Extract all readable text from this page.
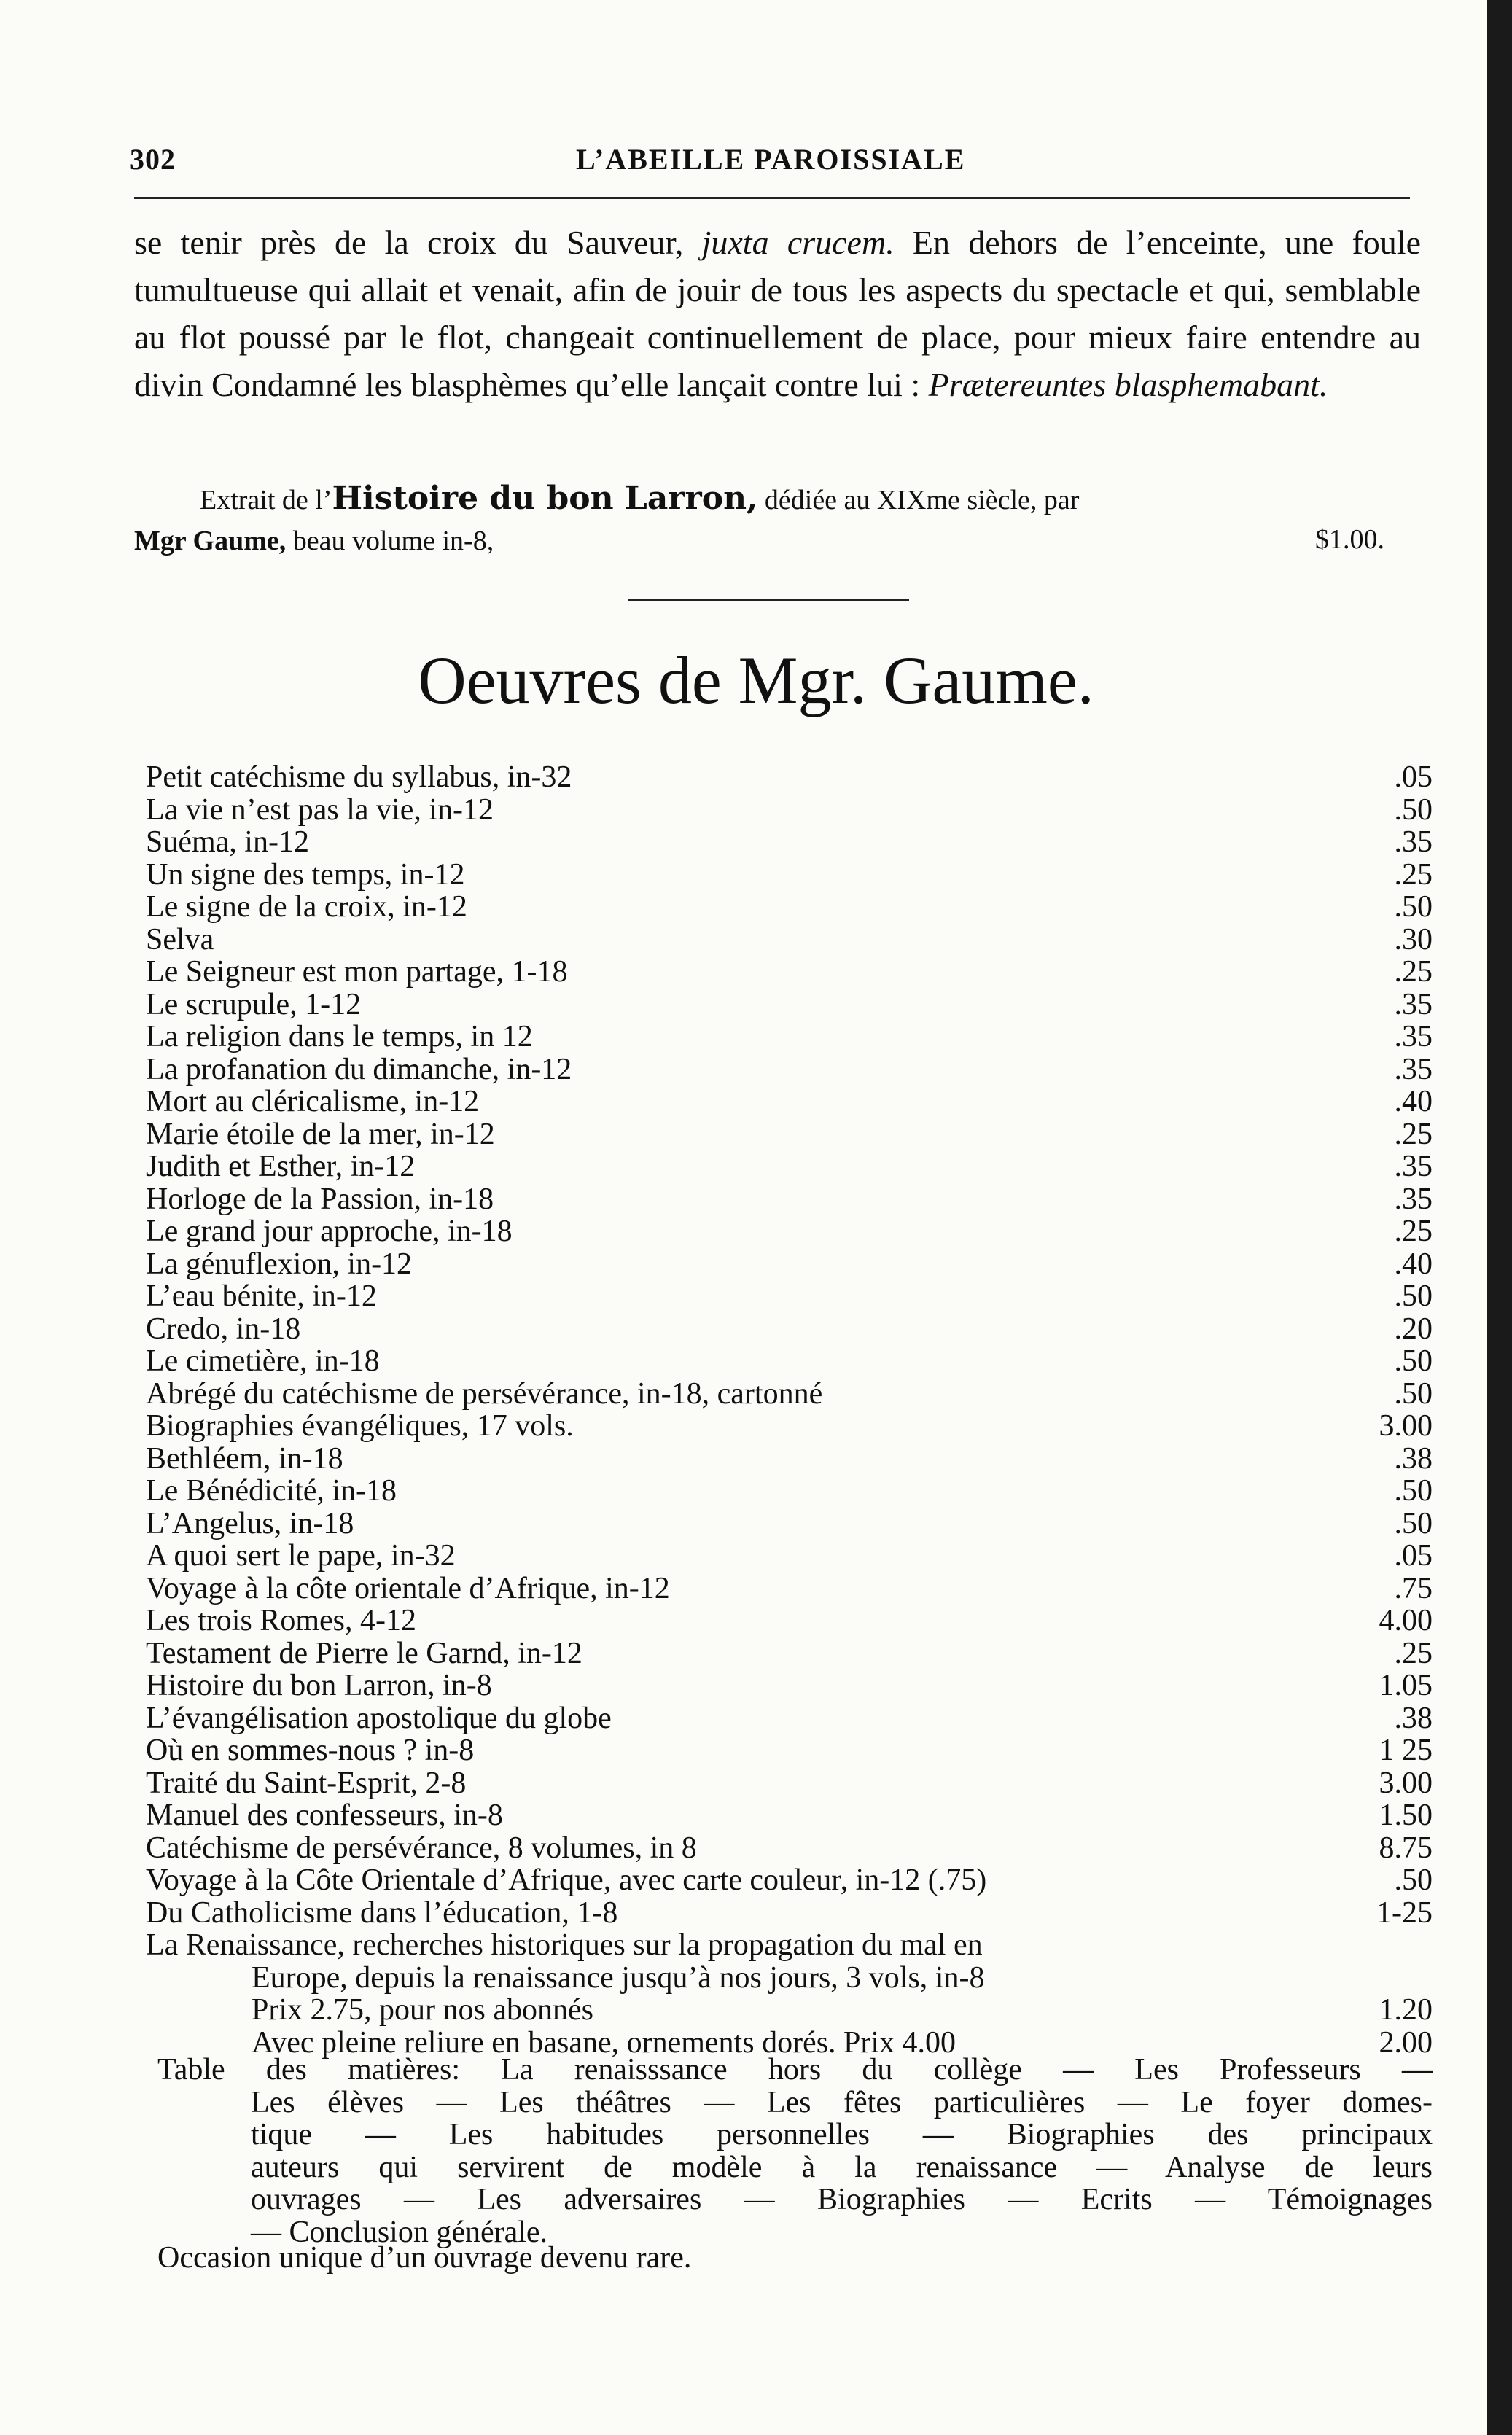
302	L’ABEILLE PAROISSIALE

se tenir près de la croix du Sauveur, juxta crucem. En dehors de l’enceinte, une foule tumultueuse qui allait et venait, afin de jouir de tous les aspects du spectacle et qui, semblable au flot poussé par le flot, changeait continuellement de place, pour mieux faire entendre au divin Condamné les blasphèmes qu’elle lançait contre lui : Prætereuntes blasphemabant.

Extrait de l’Histoire du bon Larron, dédiée au XIXme siècle, par
Mgr Gaume, beau volume in-8,	$1.00.
Oeuvres de Mgr. Gaume.
Petit catéchisme du syllabus, in-32	.05
La vie n’est pas la vie, in-12	.50
Suéma, in-12	.35
Un signe des temps, in-12	.25
Le signe de la croix, in-12	.50
Selva	.30
Le Seigneur est mon partage, 1-18	.25
Le scrupule, 1-12	.35
La religion dans le temps, in 12	.35
La profanation du dimanche, in-12	.35
Mort au cléricalisme, in-12	.40
Marie étoile de la mer, in-12	.25
Judith et Esther, in-12	.35
Horloge de la Passion, in-18	.35
Le grand jour approche, in-18	.25
La génuflexion, in-12	.40
L’eau bénite, in-12	.50
Credo, in-18	.20
Le cimetière, in-18	.50
Abrégé du catéchisme de persévérance, in-18, cartonné	.50
Biographies évangéliques, 17 vols.	3.00
Bethléem, in-18	.38
Le Bénédicité, in-18	.50
L’Angelus, in-18	.50
A quoi sert le pape, in-32	.05
Voyage à la côte orientale d’Afrique, in-12	.75
Les trois Romes, 4-12	4.00
Testament de Pierre le Garnd, in-12	.25
Histoire du bon Larron, in-8	1.05
L’évangélisation apostolique du globe	.38
Où en sommes-nous ? in-8	1 25
Traité du Saint-Esprit, 2-8	3.00
Manuel des confesseurs, in-8	1.50
Catéchisme de persévérance, 8 volumes, in 8	8.75
Voyage à la Côte Orientale d’Afrique, avec carte couleur, in-12 (.75)	.50
Du Catholicisme dans l’éducation, 1-8	1-25
La Renaissance, recherches historiques sur la propagation du mal en
Europe, depuis la renaissance jusqu’à nos jours, 3 vols, in-8
Prix 2.75, pour nos abonnés	1.20
Avec pleine reliure en basane, ornements dorés. Prix 4.00	2.00

Table des matières: La renaisssance hors du collège — Les Professeurs —

Les élèves — Les théâtres — Les fêtes particulières — Le foyer domes-

tique — Les habitudes personnelles — Biographies des principaux

auteurs qui servirent de modèle à la renaissance — Analyse de leurs

ouvrages — Les adversaires — Biographies — Ecrits — Témoignages

— Conclusion générale.

Occasion unique d’un ouvrage devenu rare.
